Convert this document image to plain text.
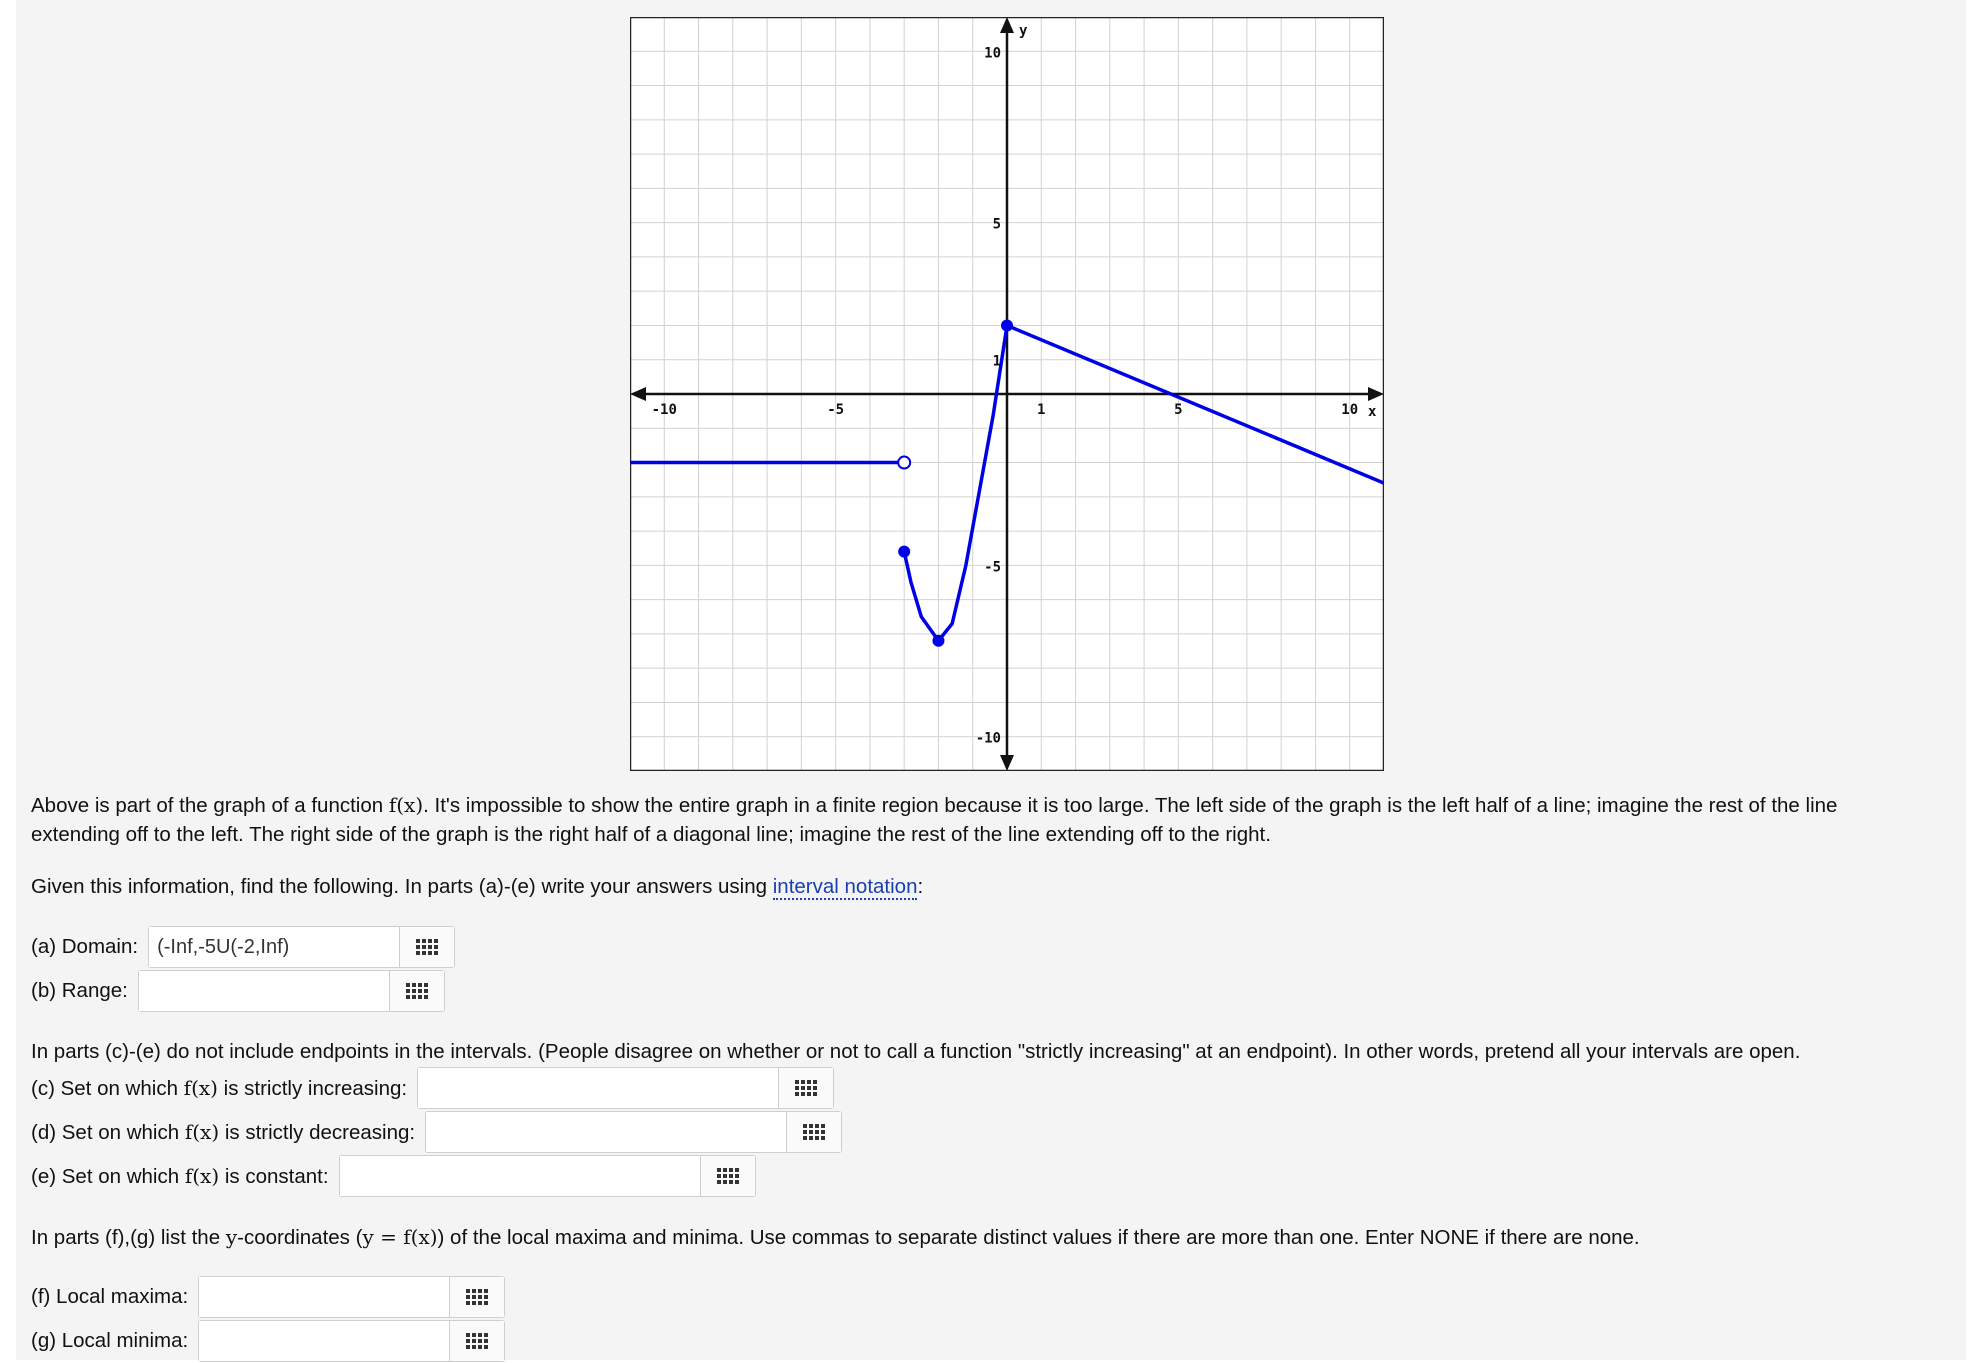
x
y
-10	-5	1	5	10
10
5
1
-5
-10
Above is part of the graph of a function f(x). It's impossible to show the entire graph in a finite region because it is too large. The left side of the graph is the left half of a line; imagine the rest of the line
extending off to the left. The right side of the graph is the right half of a diagonal line; imagine the rest of the line extending off to the right.
Given this information, find the following. In parts (a)-(e) write your answers using interval notation:
(a) Domain:
(-Inf,-5U(-2,Inf)
(b) Range:
In parts (c)-(e) do not include endpoints in the intervals. (People disagree on whether or not to call a function "strictly increasing" at an endpoint). In other words, pretend all your intervals are open.
(c) Set on which f(x) is strictly increasing:
(d) Set on which f(x) is strictly decreasing:
(e) Set on which f(x) is constant:
In parts (f),(g) list the y-coordinates (y = f(x)) of the local maxima and minima. Use commas to separate distinct values if there are more than one. Enter NONE if there are none.
(f) Local maxima:
(g) Local minima:
